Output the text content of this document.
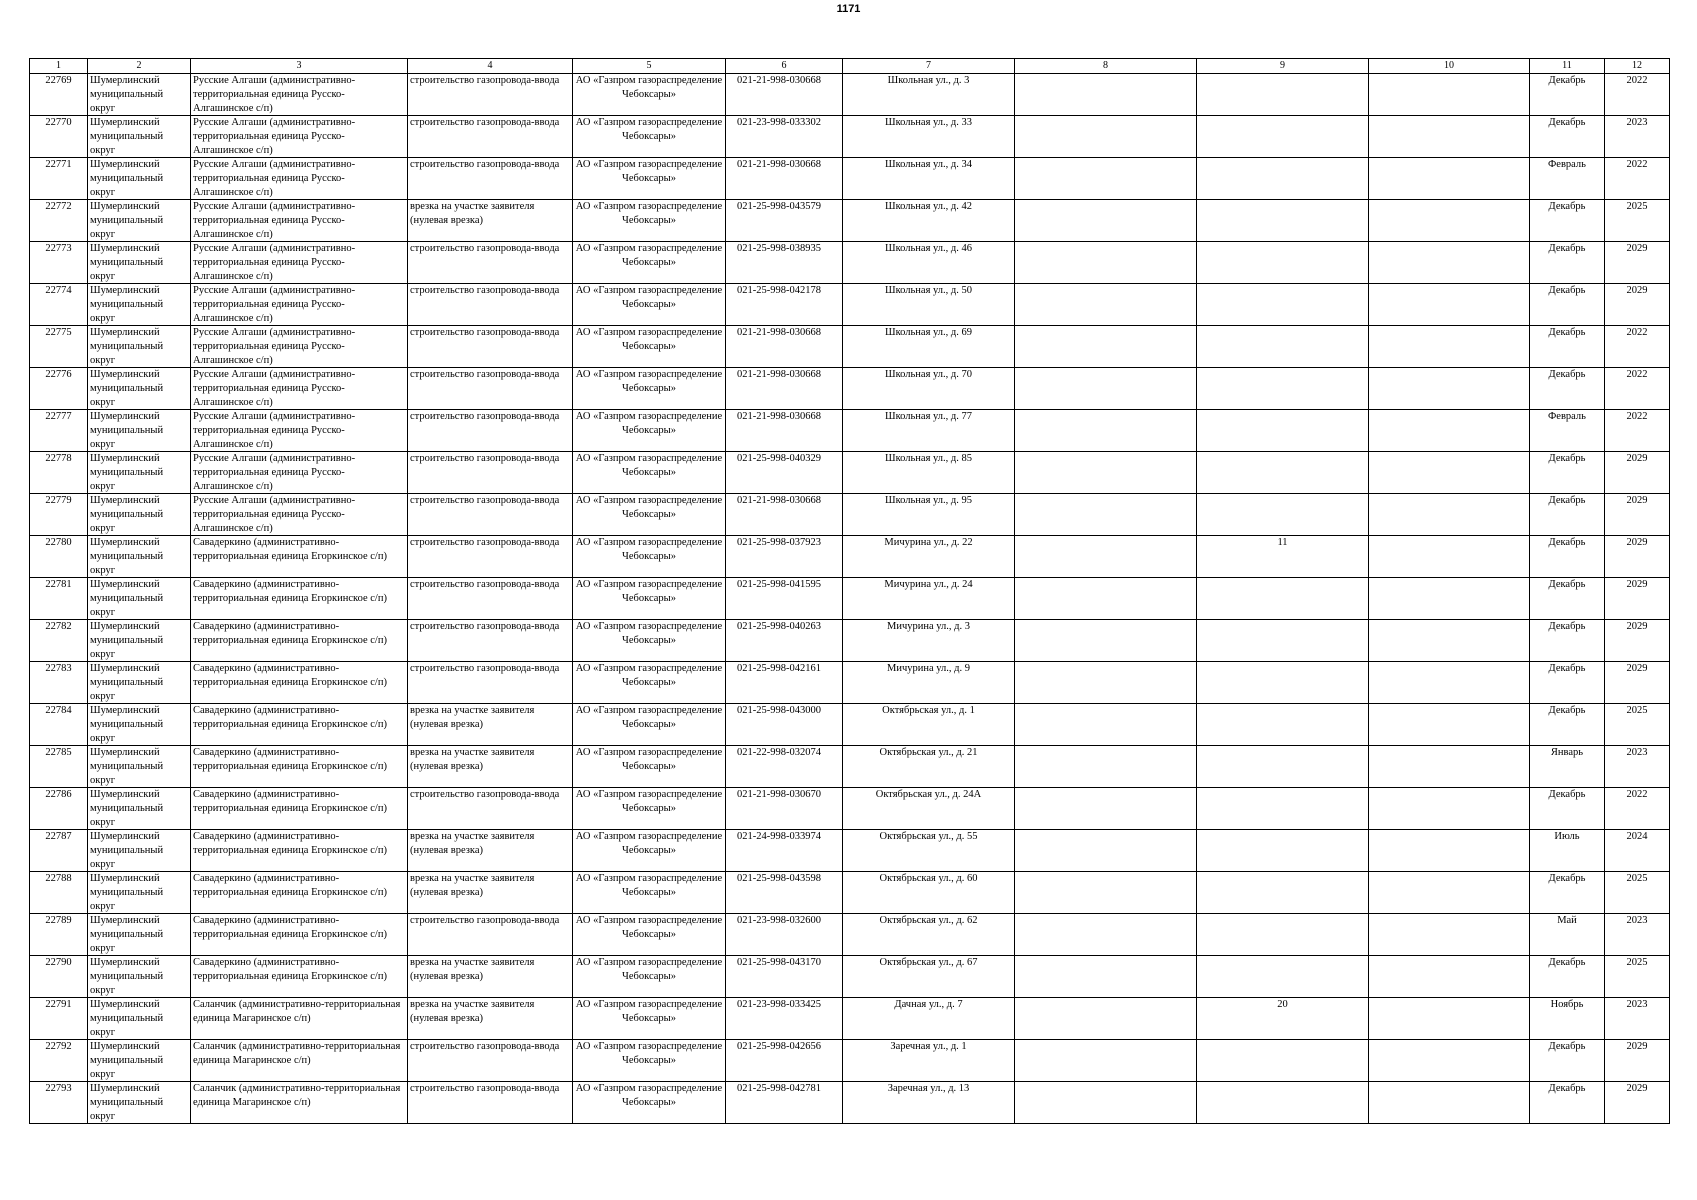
1171
1	2	3	4	5	6	7	8	9	10	11	12

22769	Шумерлинский муниципальный округ	Русские Алгаши (административно-территориальная единица Русско-Алгашинское с/п)	строительство газопровода-ввода	АО «Газпром газораспределение Чебоксары»	021-21-998-030668	Школьная ул., д. 3				Декабрь	2022

22770	Шумерлинский муниципальный округ	Русские Алгаши (административно-территориальная единица Русско-Алгашинское с/п)	строительство газопровода-ввода	АО «Газпром газораспределение Чебоксары»	021-23-998-033302	Школьная ул., д. 33				Декабрь	2023

22771	Шумерлинский муниципальный округ	Русские Алгаши (административно-территориальная единица Русско-Алгашинское с/п)	строительство газопровода-ввода	АО «Газпром газораспределение Чебоксары»	021-21-998-030668	Школьная ул., д. 34				Февраль	2022

22772	Шумерлинский муниципальный округ	Русские Алгаши (административно-территориальная единица Русско-Алгашинское с/п)	врезка на участке заявителя (нулевая врезка)	АО «Газпром газораспределение Чебоксары»	021-25-998-043579	Школьная ул., д. 42				Декабрь	2025

22773	Шумерлинский муниципальный округ	Русские Алгаши (административно-территориальная единица Русско-Алгашинское с/п)	строительство газопровода-ввода	АО «Газпром газораспределение Чебоксары»	021-25-998-038935	Школьная ул., д. 46				Декабрь	2029

22774	Шумерлинский муниципальный округ	Русские Алгаши (административно-территориальная единица Русско-Алгашинское с/п)	строительство газопровода-ввода	АО «Газпром газораспределение Чебоксары»	021-25-998-042178	Школьная ул., д. 50				Декабрь	2029

22775	Шумерлинский муниципальный округ	Русские Алгаши (административно-территориальная единица Русско-Алгашинское с/п)	строительство газопровода-ввода	АО «Газпром газораспределение Чебоксары»	021-21-998-030668	Школьная ул., д. 69				Декабрь	2022

22776	Шумерлинский муниципальный округ	Русские Алгаши (административно-территориальная единица Русско-Алгашинское с/п)	строительство газопровода-ввода	АО «Газпром газораспределение Чебоксары»	021-21-998-030668	Школьная ул., д. 70				Декабрь	2022

22777	Шумерлинский муниципальный округ	Русские Алгаши (административно-территориальная единица Русско-Алгашинское с/п)	строительство газопровода-ввода	АО «Газпром газораспределение Чебоксары»	021-21-998-030668	Школьная ул., д. 77				Февраль	2022

22778	Шумерлинский муниципальный округ	Русские Алгаши (административно-территориальная единица Русско-Алгашинское с/п)	строительство газопровода-ввода	АО «Газпром газораспределение Чебоксары»	021-25-998-040329	Школьная ул., д. 85				Декабрь	2029

22779	Шумерлинский муниципальный округ	Русские Алгаши (административно-территориальная единица Русско-Алгашинское с/п)	строительство газопровода-ввода	АО «Газпром газораспределение Чебоксары»	021-21-998-030668	Школьная ул., д. 95				Декабрь	2029

22780	Шумерлинский муниципальный округ	Савадеркино (административно-территориальная единица Егоркинское с/п)	строительство газопровода-ввода	АО «Газпром газораспределение Чебоксары»	021-25-998-037923	Мичурина ул., д. 22		11		Декабрь	2029

22781	Шумерлинский муниципальный округ	Савадеркино (административно-территориальная единица Егоркинское с/п)	строительство газопровода-ввода	АО «Газпром газораспределение Чебоксары»	021-25-998-041595	Мичурина ул., д. 24				Декабрь	2029

22782	Шумерлинский муниципальный округ	Савадеркино (административно-территориальная единица Егоркинское с/п)	строительство газопровода-ввода	АО «Газпром газораспределение Чебоксары»	021-25-998-040263	Мичурина ул., д. 3				Декабрь	2029

22783	Шумерлинский муниципальный округ	Савадеркино (административно-территориальная единица Егоркинское с/п)	строительство газопровода-ввода	АО «Газпром газораспределение Чебоксары»	021-25-998-042161	Мичурина ул., д. 9				Декабрь	2029

22784	Шумерлинский муниципальный округ	Савадеркино (административно-территориальная единица Егоркинское с/п)	врезка на участке заявителя (нулевая врезка)	АО «Газпром газораспределение Чебоксары»	021-25-998-043000	Октябрьская ул., д. 1				Декабрь	2025

22785	Шумерлинский муниципальный округ	Савадеркино (административно-территориальная единица Егоркинское с/п)	врезка на участке заявителя (нулевая врезка)	АО «Газпром газораспределение Чебоксары»	021-22-998-032074	Октябрьская ул., д. 21				Январь	2023

22786	Шумерлинский муниципальный округ	Савадеркино (административно-территориальная единица Егоркинское с/п)	строительство газопровода-ввода	АО «Газпром газораспределение Чебоксары»	021-21-998-030670	Октябрьская ул., д. 24А				Декабрь	2022

22787	Шумерлинский муниципальный округ	Савадеркино (административно-территориальная единица Егоркинское с/п)	врезка на участке заявителя (нулевая врезка)	АО «Газпром газораспределение Чебоксары»	021-24-998-033974	Октябрьская ул., д. 55				Июль	2024

22788	Шумерлинский муниципальный округ	Савадеркино (административно-территориальная единица Егоркинское с/п)	врезка на участке заявителя (нулевая врезка)	АО «Газпром газораспределение Чебоксары»	021-25-998-043598	Октябрьская ул., д. 60				Декабрь	2025

22789	Шумерлинский муниципальный округ	Савадеркино (административно-территориальная единица Егоркинское с/п)	строительство газопровода-ввода	АО «Газпром газораспределение Чебоксары»	021-23-998-032600	Октябрьская ул., д. 62				Май	2023

22790	Шумерлинский муниципальный округ	Савадеркино (административно-территориальная единица Егоркинское с/п)	врезка на участке заявителя (нулевая врезка)	АО «Газпром газораспределение Чебоксары»	021-25-998-043170	Октябрьская ул., д. 67				Декабрь	2025

22791	Шумерлинский муниципальный округ	Саланчик (административно-территориальная единица Магаринское с/п)	врезка на участке заявителя (нулевая врезка)	АО «Газпром газораспределение Чебоксары»	021-23-998-033425	Дачная ул., д. 7		20		Ноябрь	2023

22792	Шумерлинский муниципальный округ	Саланчик (административно-территориальная единица Магаринское с/п)	строительство газопровода-ввода	АО «Газпром газораспределение Чебоксары»	021-25-998-042656	Заречная ул., д. 1				Декабрь	2029

22793	Шумерлинский муниципальный округ	Саланчик (административно-территориальная единица Магаринское с/п)	строительство газопровода-ввода	АО «Газпром газораспределение Чебоксары»	021-25-998-042781	Заречная ул., д. 13				Декабрь	2029
